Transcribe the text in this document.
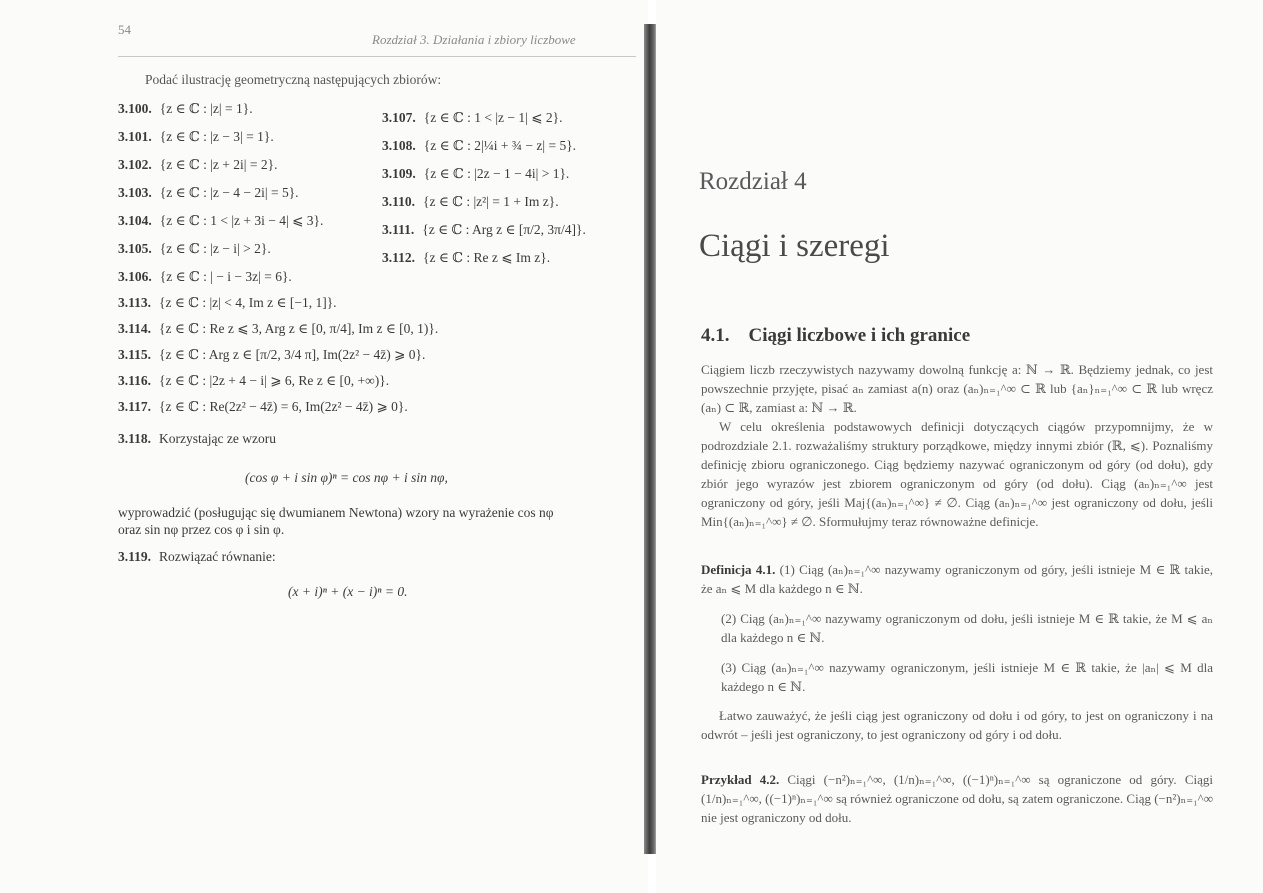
54
Rozdział 3. Działania i zbiory liczbowe
Podać ilustrację geometryczną następujących zbiorów:
3.100. {z ∈ ℂ : |z| = 1}.
3.101. {z ∈ ℂ : |z − 3| = 1}.
3.102. {z ∈ ℂ : |z + 2i| = 2}.
3.103. {z ∈ ℂ : |z − 4 − 2i| = 5}.
3.104. {z ∈ ℂ : 1 < |z + 3i − 4| ⩽ 3}.
3.105. {z ∈ ℂ : |z − i| > 2}.
3.106. {z ∈ ℂ : | − i − 3z| = 6}.
3.107. {z ∈ ℂ : 1 < |z − 1| ⩽ 2}.
3.108. {z ∈ ℂ : 2|¼i + ¾ − z| = 5}.
3.109. {z ∈ ℂ : |2z − 1 − 4i| > 1}.
3.110. {z ∈ ℂ : |z²| = 1 + Im z}.
3.111. {z ∈ ℂ : Arg z ∈ [π/2, 3π/4]}.
3.112. {z ∈ ℂ : Re z ⩽ Im z}.
3.113. {z ∈ ℂ : |z| < 4, Im z ∈ [−1, 1]}.
3.114. {z ∈ ℂ : Re z ⩽ 3, Arg z ∈ [0, π/4], Im z ∈ [0, 1)}.
3.115. {z ∈ ℂ : Arg z ∈ [π/2, 3/4 π], Im(2z² − 4z̄) ⩾ 0}.
3.116. {z ∈ ℂ : |2z + 4 − i| ⩾ 6, Re z ∈ [0, +∞)}.
3.117. {z ∈ ℂ : Re(2z² − 4z̄) = 6, Im(2z² − 4z̄) ⩾ 0}.
3.118. Korzystając ze wzoru
(cos φ + i sin φ)ⁿ = cos nφ + i sin nφ,
wyprowadzić (posługując się dwumianem Newtona) wzory na wyrażenie cos nφ
oraz sin nφ przez cos φ i sin φ.
3.119. Rozwiązać równanie:
(x + i)ⁿ + (x − i)ⁿ = 0.
Rozdział 4
Ciągi i szeregi
4.1. Ciągi liczbowe i ich granice
Ciągiem liczb rzeczywistych nazywamy dowolną funkcję a: ℕ → ℝ. Będziemy jednak, co jest powszechnie przyjęte, pisać aₙ zamiast a(n) oraz (aₙ)ₙ₌₁^∞ ⊂ ℝ lub {aₙ}ₙ₌₁^∞ ⊂ ℝ lub wręcz (aₙ) ⊂ ℝ, zamiast a: ℕ → ℝ.
W celu określenia podstawowych definicji dotyczących ciągów przypomnijmy, że w podrozdziale 2.1. rozważaliśmy struktury porządkowe, między innymi zbiór (ℝ, ⩽). Poznaliśmy definicję zbioru ograniczonego. Ciąg będziemy nazywać ograniczonym od góry (od dołu), gdy zbiór jego wyrazów jest zbiorem ograniczonym od góry (od dołu). Ciąg (aₙ)ₙ₌₁^∞ jest ograniczony od góry, jeśli Maj{(aₙ)ₙ₌₁^∞} ≠ ∅. Ciąg (aₙ)ₙ₌₁^∞ jest ograniczony od dołu, jeśli Min{(aₙ)ₙ₌₁^∞} ≠ ∅. Sformułujmy teraz równoważne definicje.
Definicja 4.1. (1) Ciąg (aₙ)ₙ₌₁^∞ nazywamy ograniczonym od góry, jeśli istnieje M ∈ ℝ takie, że aₙ ⩽ M dla każdego n ∈ ℕ.
(2) Ciąg (aₙ)ₙ₌₁^∞ nazywamy ograniczonym od dołu, jeśli istnieje M ∈ ℝ takie, że M ⩽ aₙ dla każdego n ∈ ℕ.
(3) Ciąg (aₙ)ₙ₌₁^∞ nazywamy ograniczonym, jeśli istnieje M ∈ ℝ takie, że |aₙ| ⩽ M dla każdego n ∈ ℕ.
Łatwo zauważyć, że jeśli ciąg jest ograniczony od dołu i od góry, to jest on ograniczony i na odwrót – jeśli jest ograniczony, to jest ograniczony od góry i od dołu.
Przykład 4.2. Ciągi (−n²)ₙ₌₁^∞, (1/n)ₙ₌₁^∞, ((−1)ⁿ)ₙ₌₁^∞ są ograniczone od góry. Ciągi (1/n)ₙ₌₁^∞, ((−1)ⁿ)ₙ₌₁^∞ są również ograniczone od dołu, są zatem ograniczone. Ciąg (−n²)ₙ₌₁^∞ nie jest ograniczony od dołu.
